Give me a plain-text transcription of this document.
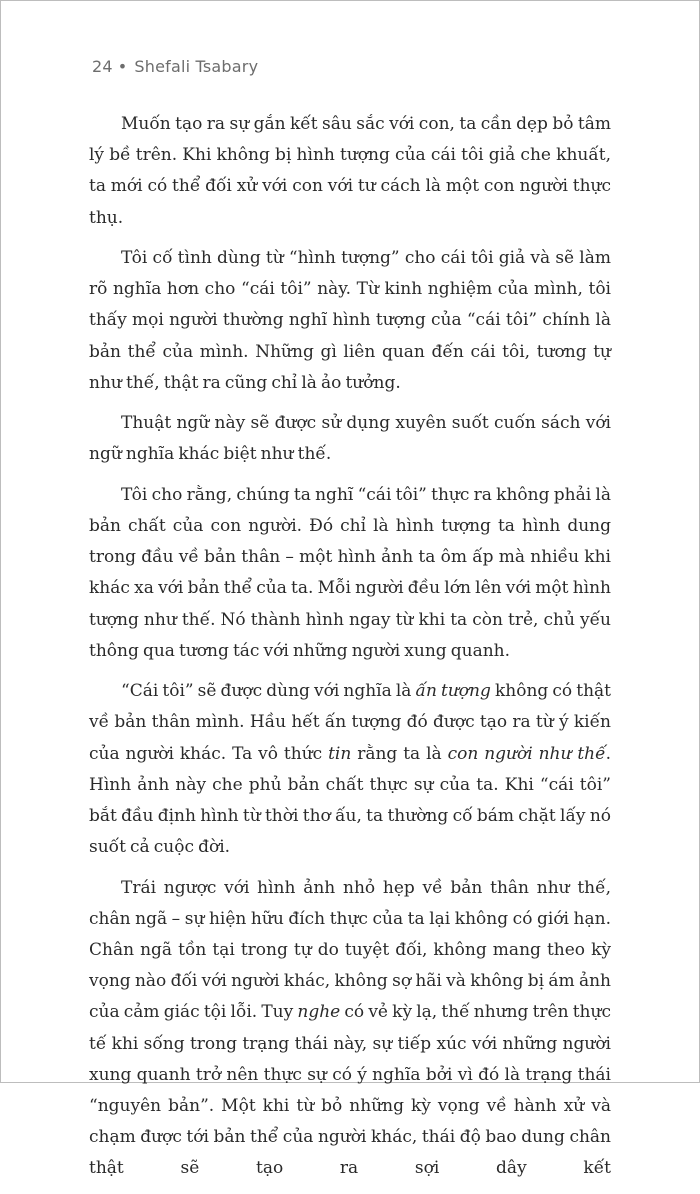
24 • Shefali Tsabary

Muốn tạo ra sự gắn kết sâu sắc với con, ta cần dẹp bỏ tâm lý bề trên. Khi không bị hình tượng của cái tôi giả che khuất, ta mới có thể đối xử với con với tư cách là một con người thực thụ.

Tôi cố tình dùng từ “hình tượng” cho cái tôi giả và sẽ làm rõ nghĩa hơn cho “cái tôi” này. Từ kinh nghiệm của mình, tôi thấy mọi người thường nghĩ hình tượng của “cái tôi” chính là bản thể của mình. Những gì liên quan đến cái tôi, tương tự như thế, thật ra cũng chỉ là ảo tưởng.

Thuật ngữ này sẽ được sử dụng xuyên suốt cuốn sách với ngữ nghĩa khác biệt như thế.

Tôi cho rằng, chúng ta nghĩ “cái tôi” thực ra không phải là bản chất của con người. Đó chỉ là hình tượng ta hình dung trong đầu về bản thân – một hình ảnh ta ôm ấp mà nhiều khi khác xa với bản thể của ta. Mỗi người đều lớn lên với một hình tượng như thế. Nó thành hình ngay từ khi ta còn trẻ, chủ yếu thông qua tương tác với những người xung quanh.

“Cái tôi” sẽ được dùng với nghĩa là ấn tượng không có thật về bản thân mình. Hầu hết ấn tượng đó được tạo ra từ ý kiến của người khác. Ta vô thức tin rằng ta là con người như thế. Hình ảnh này che phủ bản chất thực sự của ta. Khi “cái tôi” bắt đầu định hình từ thời thơ ấu, ta thường cố bám chặt lấy nó suốt cả cuộc đời.

Trái ngược với hình ảnh nhỏ hẹp về bản thân như thế, chân ngã – sự hiện hữu đích thực của ta lại không có giới hạn. Chân ngã tồn tại trong tự do tuyệt đối, không mang theo kỳ vọng nào đối với người khác, không sợ hãi và không bị ám ảnh của cảm giác tội lỗi. Tuy nghe có vẻ kỳ lạ, thế nhưng trên thực tế khi sống trong trạng thái này, sự tiếp xúc với những người xung quanh trở nên thực sự có ý nghĩa bởi vì đó là trạng thái “nguyên bản”. Một khi từ bỏ những kỳ vọng về hành xử và chạm được tới bản thể của người khác, thái độ bao dung chân thật sẽ tạo ra sợi dây kết
